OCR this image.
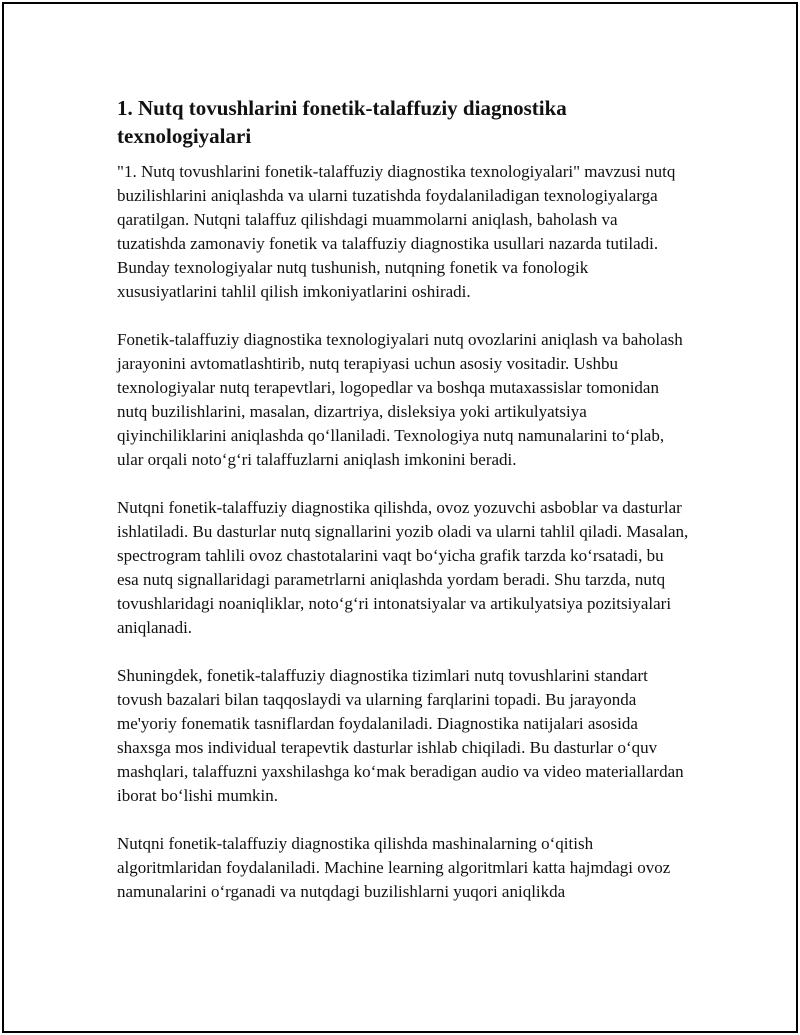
1. Nutq tovushlarini fonetik-talaffuziy diagnostika texnologiyalari

"1. Nutq tovushlarini fonetik-talaffuziy diagnostika texnologiyalari" mavzusi nutq buzilishlarini aniqlashda va ularni tuzatishda foydalaniladigan texnologiyalarga qaratilgan. Nutqni talaffuz qilishdagi muammolarni aniqlash, baholash va tuzatishda zamonaviy fonetik va talaffuziy diagnostika usullari nazarda tutiladi. Bunday texnologiyalar nutq tushunish, nutqning fonetik va fonologik xususiyatlarini tahlil qilish imkoniyatlarini oshiradi.

Fonetik-talaffuziy diagnostika texnologiyalari nutq ovozlarini aniqlash va baholash jarayonini avtomatlashtirib, nutq terapiyasi uchun asosiy vositadir. Ushbu texnologiyalar nutq terapevtlari, logopedlar va boshqa mutaxassislar tomonidan nutq buzilishlarini, masalan, dizartriya, disleksiya yoki artikulyatsiya qiyinchiliklarini aniqlashda qo‘llaniladi. Texnologiya nutq namunalarini to‘plab, ular orqali noto‘g‘ri talaffuzlarni aniqlash imkonini beradi.

Nutqni fonetik-talaffuziy diagnostika qilishda, ovoz yozuvchi asboblar va dasturlar ishlatiladi. Bu dasturlar nutq signallarini yozib oladi va ularni tahlil qiladi. Masalan, spectrogram tahlili ovoz chastotalarini vaqt bo‘yicha grafik tarzda ko‘rsatadi, bu esa nutq signallaridagi parametrlarni aniqlashda yordam beradi. Shu tarzda, nutq tovushlaridagi noaniqliklar, noto‘g‘ri intonatsiyalar va artikulyatsiya pozitsiyalari aniqlanadi.

Shuningdek, fonetik-talaffuziy diagnostika tizimlari nutq tovushlarini standart tovush bazalari bilan taqqoslaydi va ularning farqlarini topadi. Bu jarayonda me'yoriy fonematik tasniflardan foydalaniladi. Diagnostika natijalari asosida shaxsga mos individual terapevtik dasturlar ishlab chiqiladi. Bu dasturlar o‘quv mashqlari, talaffuzni yaxshilashga ko‘mak beradigan audio va video materiallardan iborat bo‘lishi mumkin.

Nutqni fonetik-talaffuziy diagnostika qilishda mashinalarning o‘qitish algoritmlaridan foydalaniladi. Machine learning algoritmlari katta hajmdagi ovoz namunalarini o‘rganadi va nutqdagi buzilishlarni yuqori aniqlikda
